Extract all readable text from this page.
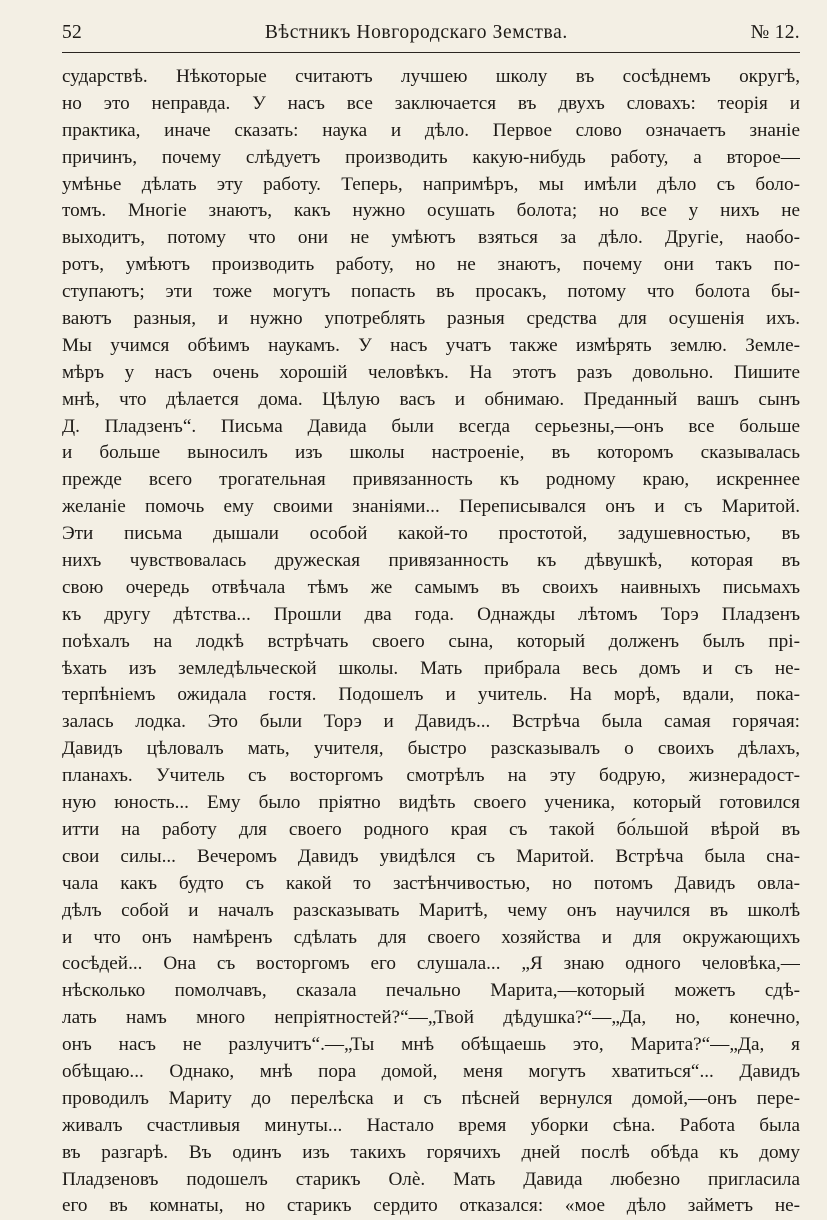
52	Вѣстникъ Новгородскаго Земства.	№ 12.
сударствѣ. Нѣкоторые считаютъ лучшею школу въ сосѣднемъ округѣ,
но это неправда. У насъ все заключается въ двухъ словахъ: теорія и
практика, иначе сказать: наука и дѣло. Первое слово означаетъ знаніе
причинъ, почему слѣдуетъ производить какую-нибудь работу, а второе—
умѣнье дѣлать эту работу. Теперь, напримѣръ, мы имѣли дѣло съ боло-
томъ. Многіе знаютъ, какъ нужно осушать болота; но все у нихъ не
выходитъ, потому что они не умѣютъ взяться за дѣло. Другіе, наобо-
ротъ, умѣютъ производить работу, но не знаютъ, почему они такъ по-
ступаютъ; эти тоже могутъ попасть въ просакъ, потому что болота бы-
ваютъ разныя, и нужно употреблять разныя средства для осушенія ихъ.
Мы учимся обѣимъ наукамъ. У насъ учатъ также измѣрять землю. Земле-
мѣръ у насъ очень хорошій человѣкъ. На этотъ разъ довольно. Пишите
мнѣ, что дѣлается дома. Цѣлую васъ и обнимаю. Преданный вашъ сынъ
Д. Пладзенъ“. Письма Давида были всегда серьезны,—онъ все больше
и больше выносилъ изъ школы настроеніе, въ которомъ сказывалась
прежде всего трогательная привязанность къ родному краю, искреннее
желаніе помочь ему своими знаніями... Переписывался онъ и съ Маритой.
Эти письма дышали особой какой-то простотой, задушевностью, въ
нихъ чувствовалась дружеская привязанность къ дѣвушкѣ, которая въ
свою очередь отвѣчала тѣмъ же самымъ въ своихъ наивныхъ письмахъ
къ другу дѣтства... Прошли два года. Однажды лѣтомъ Торэ Пладзенъ
поѣхалъ на лодкѣ встрѣчать своего сына, который долженъ былъ прі-
ѣхать изъ земледѣльческой школы. Мать прибрала весь домъ и съ не-
терпѣніемъ ожидала гостя. Подошелъ и учитель. На морѣ, вдали, пока-
залась лодка. Это были Торэ и Давидъ... Встрѣча была самая горячая:
Давидъ цѣловалъ мать, учителя, быстро разсказывалъ о своихъ дѣлахъ,
планахъ. Учитель съ восторгомъ смотрѣлъ на эту бодрую, жизнерадост-
ную юность... Ему было пріятно видѣть своего ученика, который готовился
итти на работу для своего родного края съ такой бо́льшой вѣрой въ
свои силы... Вечеромъ Давидъ увидѣлся съ Маритой. Встрѣча была сна-
чала какъ будто съ какой то застѣнчивостью, но потомъ Давидъ овла-
дѣлъ собой и началъ разсказывать Маритѣ, чему онъ научился въ школѣ
и что онъ намѣренъ сдѣлать для своего хозяйства и для окружающихъ
сосѣдей... Она съ восторгомъ его слушала... „Я знаю одного человѣка,—
нѣсколько помолчавъ, сказала печально Марита,—который можетъ сдѣ-
лать намъ много непріятностей?“—„Твой дѣдушка?“—„Да, но, конечно,
онъ насъ не разлучитъ“.—„Ты мнѣ обѣщаешь это, Марита?“—„Да, я
обѣщаю... Однако, мнѣ пора домой, меня могутъ хватиться“... Давидъ
проводилъ Мариту до перелѣска и съ пѣсней вернулся домой,—онъ пере-
живалъ счастливыя минуты... Настало время уборки сѣна. Работа была
въ разгарѣ. Въ одинъ изъ такихъ горячихъ дней послѣ обѣда къ дому
Пладзеновъ подошелъ старикъ Олѐ. Мать Давида любезно пригласила
его въ комнаты, но старикъ сердито отказался: «мое дѣло займетъ не-
